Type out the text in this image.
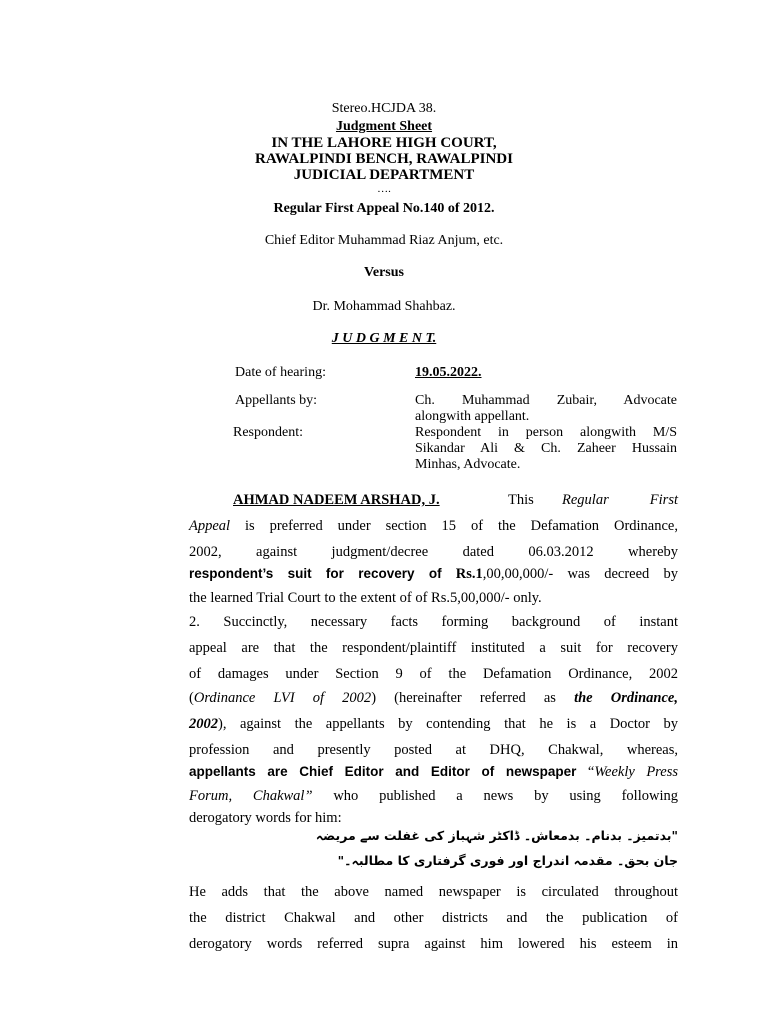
Stereo.HCJDA 38.
Judgment Sheet
IN THE LAHORE HIGH COURT,
RAWALPINDI BENCH, RAWALPINDI
JUDICIAL DEPARTMENT
….
Regular First Appeal No.140 of 2012.
Chief Editor Muhammad Riaz Anjum, etc.
Versus
Dr. Mohammad Shahbaz.
J U D G M E N T.
Date of hearing:	19.05.2022.
Appellants by:	Ch. Muhammad Zubair, Advocate
alongwith appellant.
Respondent:	Respondent in person alongwith M/S
Sikandar Ali & Ch. Zaheer Hussain
Minhas, Advocate.
AHMAD NADEEM ARSHAD, J.	This Regular First
Appeal is preferred under section 15 of the Defamation Ordinance,
2002, against judgment/decree dated 06.03.2012 whereby
respondent’s suit for recovery of Rs.1,00,00,000/- was decreed by
the learned Trial Court to the extent of of Rs.5,00,000/- only.
2. Succinctly, necessary facts forming background of instant
appeal are that the respondent/plaintiff instituted a suit for recovery
of damages under Section 9 of the Defamation Ordinance, 2002
(Ordinance LVI of 2002) (hereinafter referred as the Ordinance,
2002), against the appellants by contending that he is a Doctor by
profession and presently posted at DHQ, Chakwal, whereas,
appellants are Chief Editor and Editor of newspaper “Weekly Press
Forum, Chakwal” who published a news by using following
derogatory words for him:
"بدتمیز۔ بدنام۔ بدمعاش۔ ڈاکٹر شہباز کی غفلت سے مریضہ
جان بحق۔ مقدمہ اندراج اور فوری گرفتاری کا مطالبہ۔"
He adds that the above named newspaper is circulated throughout
the district Chakwal and other districts and the publication of
derogatory words referred supra against him lowered his esteem in
